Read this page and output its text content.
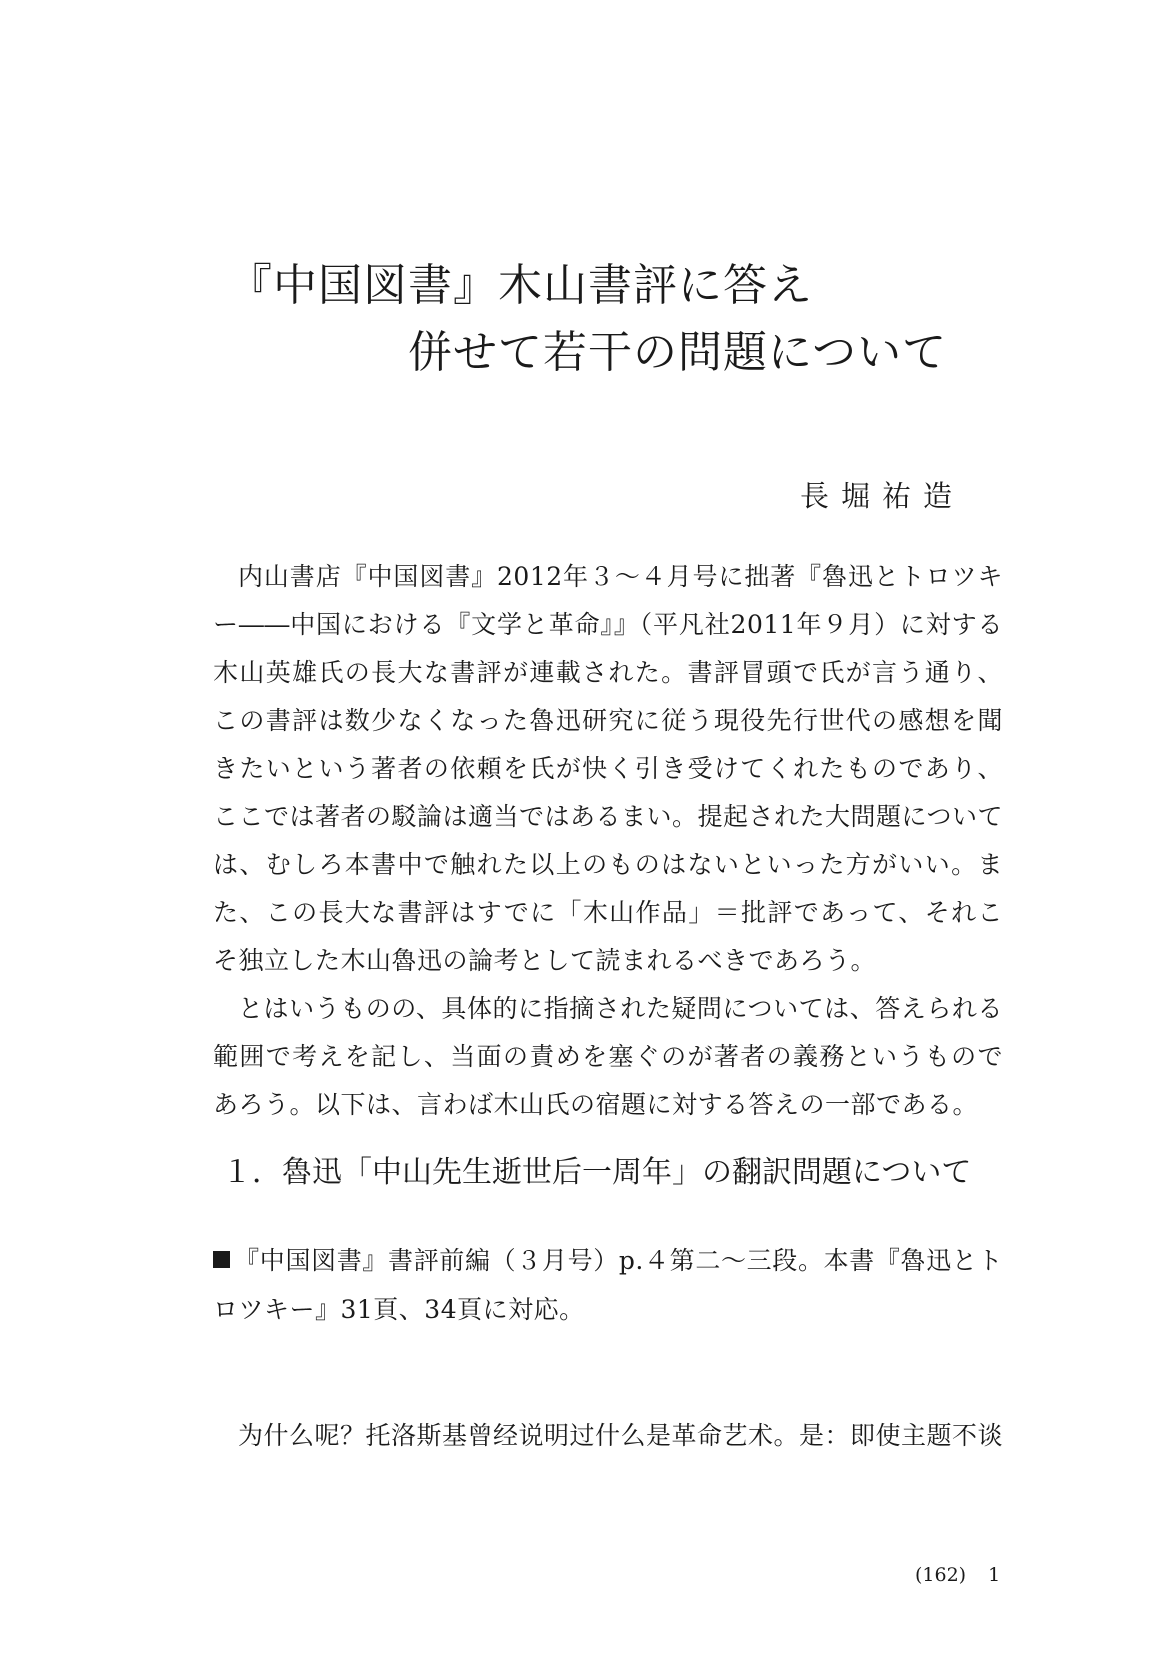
『中国図書』木山書評に答え
併せて若干の問題について
長堀祐造

内山書店『中国図書』2012年３～４月号に拙著『魯迅とトロツキー――中国における『文学と革命』』（平凡社2011年９月）に対する木山英雄氏の長大な書評が連載された。書評冒頭で氏が言う通り、この書評は数少なくなった魯迅研究に従う現役先行世代の感想を聞きたいという著者の依頼を氏が快く引き受けてくれたものであり、ここでは著者の駁論は適当ではあるまい。提起された大問題については、むしろ本書中で触れた以上のものはないといった方がいい。また、この長大な書評はすでに「木山作品」＝批評であって、それこそ独立した木山魯迅の論考として読まれるべきであろう。

とはいうものの、具体的に指摘された疑問については、答えられる範囲で考えを記し、当面の責めを塞ぐのが著者の義務というものであろう。以下は、言わば木山氏の宿題に対する答えの一部である。

１．魯迅「中山先生逝世后一周年」の翻訳問題について
『中国図書』書評前編（３月号）p.４第二～三段。本書『魯迅とトロツキー』31頁、34頁に対応。
为什么呢？托洛斯基曾经说明过什么是革命艺术。是：即使主题不谈
(162) 1
